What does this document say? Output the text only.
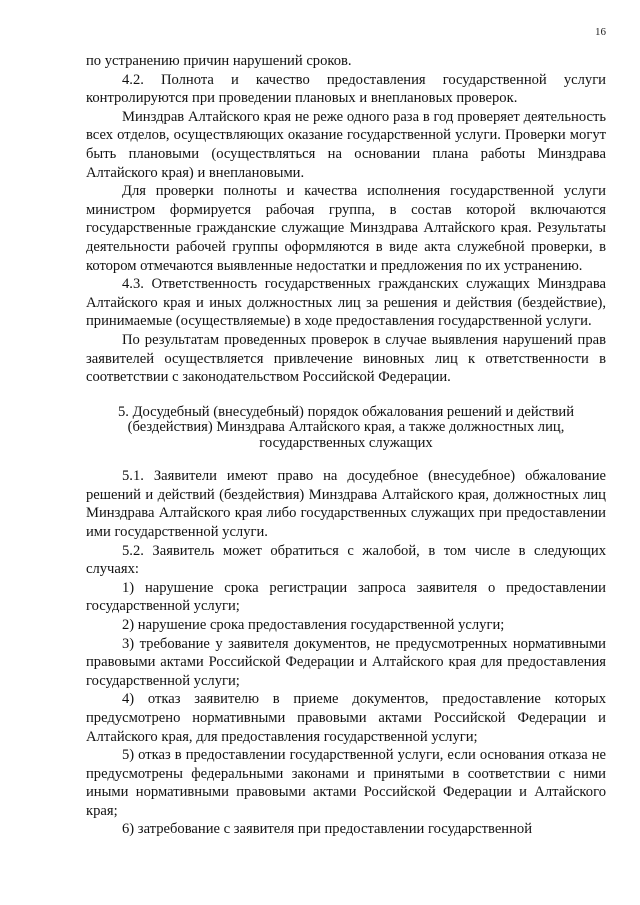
16

по устранению причин нарушений сроков.

4.2. Полнота и качество предоставления государственной услуги контролируются при проведении плановых и внеплановых проверок.

Минздрав Алтайского края не реже одного раза в год проверяет деятельность всех отделов, осуществляющих оказание государственной услуги. Проверки могут быть плановыми (осуществляться на основании плана работы Минздрава Алтайского края) и внеплановыми.

Для проверки полноты и качества исполнения государственной услуги министром формируется рабочая группа, в состав которой включаются государственные гражданские служащие Минздрава Алтайского края. Результаты деятельности рабочей группы оформляются в виде акта служебной проверки, в котором отмечаются выявленные недостатки и предложения по их устранению.

4.3. Ответственность государственных гражданских служащих Минздрава Алтайского края и иных должностных лиц за решения и действия (бездействие), принимаемые (осуществляемые) в ходе предоставления государственной услуги.

По результатам проведенных проверок в случае выявления нарушений прав заявителей осуществляется привлечение виновных лиц к ответственности в соответствии с законодательством Российской Федерации.

5. Досудебный (внесудебный) порядок обжалования решений и действий (бездействия) Минздрава Алтайского края, а также должностных лиц, государственных служащих

5.1. Заявители имеют право на досудебное (внесудебное) обжалование решений и действий (бездействия) Минздрава Алтайского края, должностных лиц Минздрава Алтайского края либо государственных служащих при предоставлении ими государственной услуги.

5.2. Заявитель может обратиться с жалобой, в том числе в следующих случаях:

1) нарушение срока регистрации запроса заявителя о предоставлении государственной услуги;

2) нарушение срока предоставления государственной услуги;

3) требование у заявителя документов, не предусмотренных нормативными правовыми актами Российской Федерации и Алтайского края для предоставления государственной услуги;

4) отказ заявителю в приеме документов, предоставление которых предусмотрено нормативными правовыми актами Российской Федерации и Алтайского края, для предоставления государственной услуги;

5) отказ в предоставлении государственной услуги, если основания отказа не предусмотрены федеральными законами и принятыми в соответствии с ними иными нормативными правовыми актами Российской Федерации и Алтайского края;

6) затребование с заявителя при предоставлении государственной
